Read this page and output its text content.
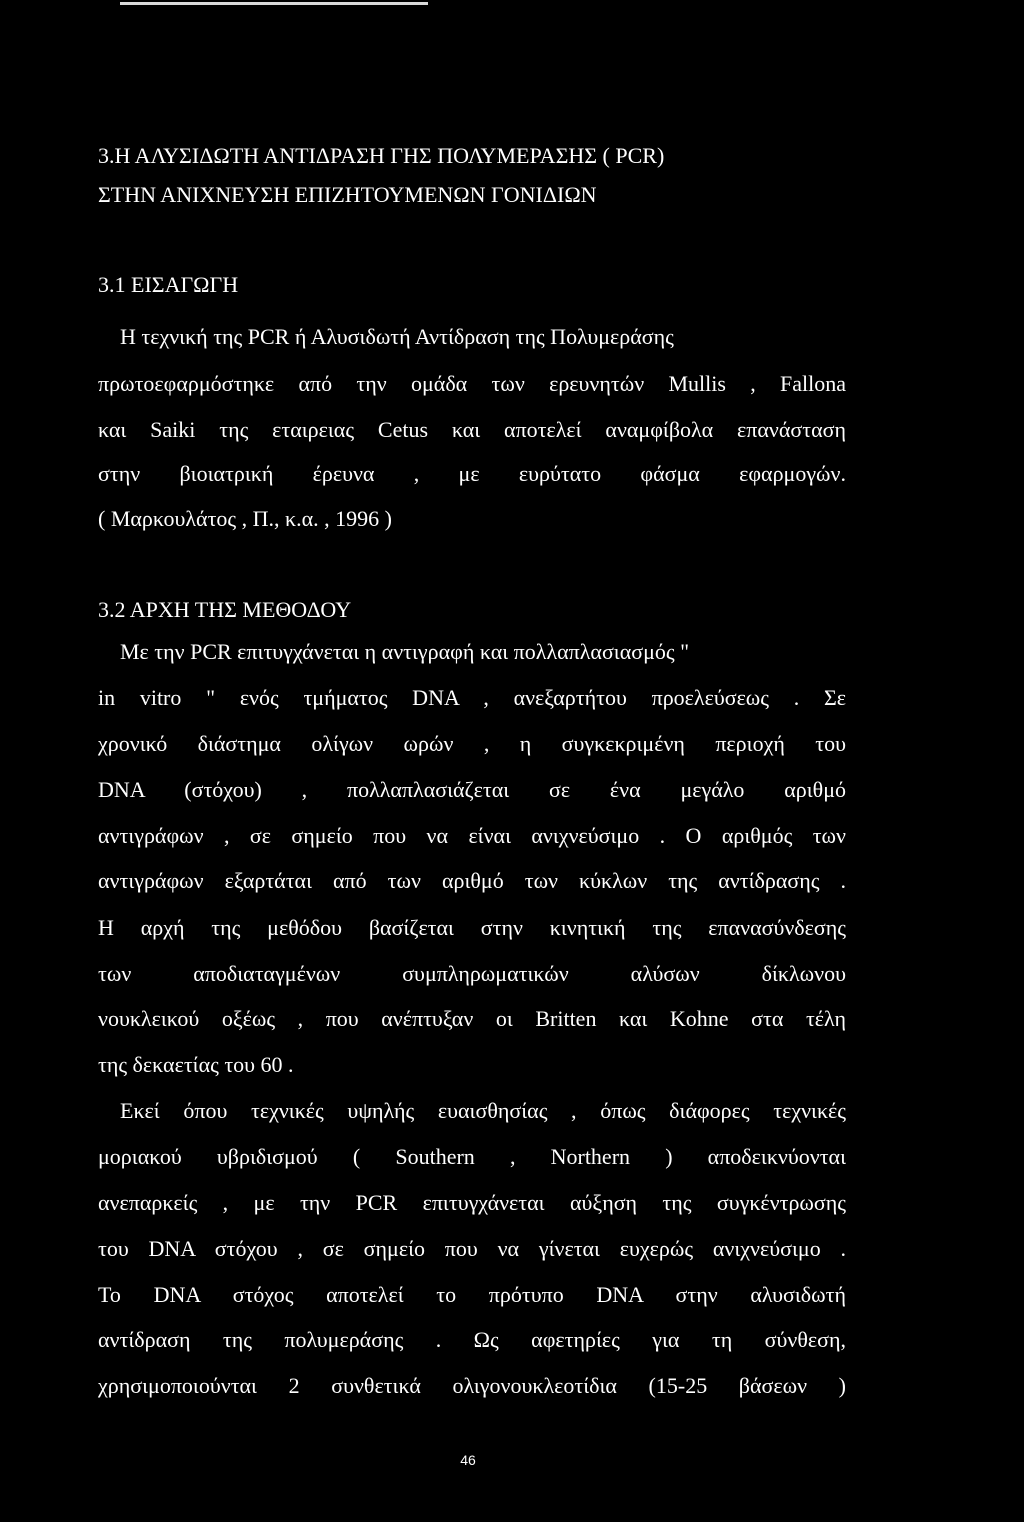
3.Η ΑΛΥΣΙΔΩΤΗ ΑΝΤΙΔΡΑΣΗ ΓΗΣ ΠΟΛΥΜΕΡΑΣΗΣ ( PCR)

ΣΤΗΝ ΑΝΙΧΝΕΥΣΗ ΕΠΙΖΗΤΟΥΜΕΝΩΝ ΓΟΝΙΔΙΩΝ

3.1 ΕΙΣΑΓΩΓΗ

Η τεχνική της PCR ή Αλυσιδωτή Αντίδραση της Πολυμεράσης

πρωτοεφαρμόστηκε από την ομάδα των ερευνητών Mullis , Fallona

και Saiki της εταιρειας Cetus και αποτελεί αναμφίβολα επανάσταση

στην βιοιατρική έρευνα , με ευρύτατο φάσμα εφαρμογών.

( Μαρκουλάτος , Π., κ.α. , 1996 )

3.2 ΑΡΧΗ ΤΗΣ ΜΕΘΟΔΟΥ

Με την PCR επιτυγχάνεται η αντιγραφή και πολλαπλασιασμός "

in vitro " ενός τμήματος DNA , ανεξαρτήτου προελεύσεως . Σε

χρονικό διάστημα ολίγων ωρών , η συγκεκριμένη περιοχή του

DNA (στόχου) , πολλαπλασιάζεται σε ένα μεγάλο αριθμό

αντιγράφων , σε σημείο που να είναι ανιχνεύσιμο . Ο αριθμός των

αντιγράφων εξαρτάται από των αριθμό των κύκλων της αντίδρασης .

Η αρχή της μεθόδου βασίζεται στην κινητική της επανασύνδεσης

των αποδιαταγμένων συμπληρωματικών αλύσων δίκλωνου

νουκλεικού οξέως , που ανέπτυξαν οι Britten και Kohne στα τέλη

της δεκαετίας του 60 .

Εκεί όπου τεχνικές υψηλής ευαισθησίας , όπως διάφορες τεχνικές

μοριακού υβριδισμού ( Southern , Northern ) αποδεικνύονται

ανεπαρκείς , με την PCR επιτυγχάνεται αύξηση της συγκέντρωσης

του DNA στόχου , σε σημείο που να γίνεται ευχερώς ανιχνεύσιμο .

Το DNA στόχος αποτελεί το πρότυπο DNA στην αλυσιδωτή

αντίδραση της πολυμεράσης . Ως αφετηρίες για τη σύνθεση,

χρησιμοποιούνται 2 συνθετικά ολιγονουκλεοτίδια (15-25 βάσεων )

46
